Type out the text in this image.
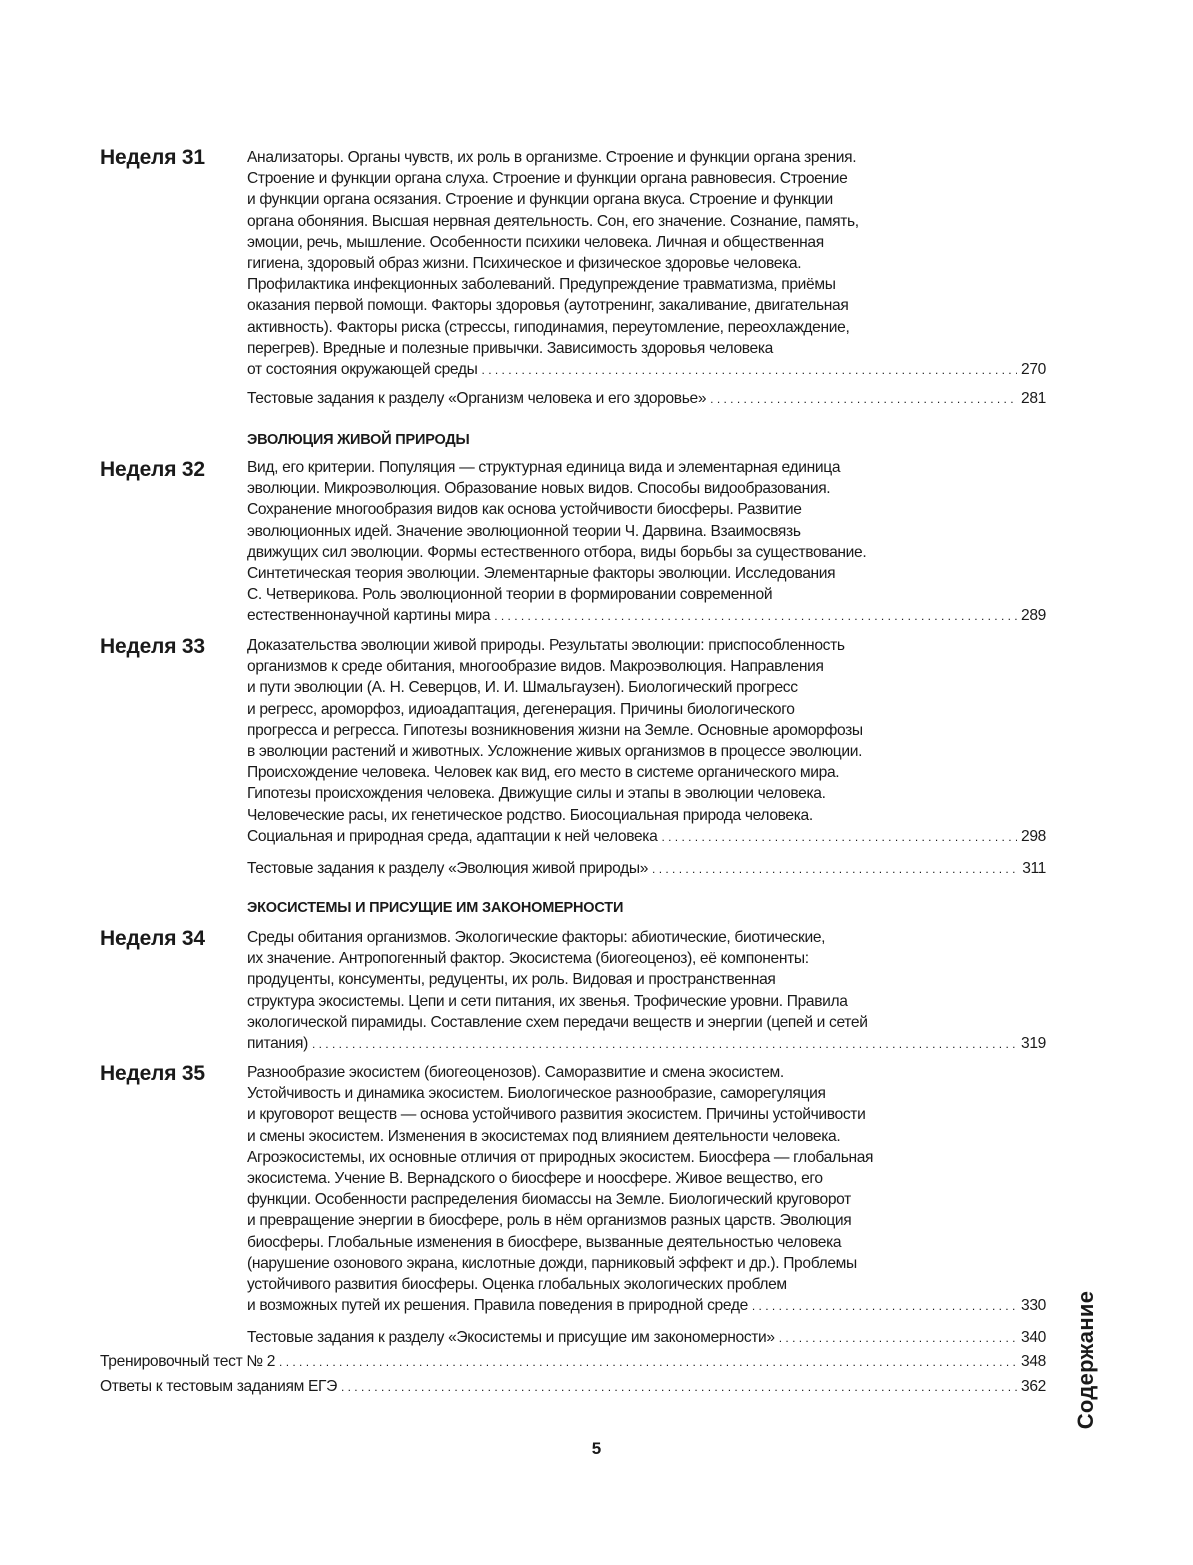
Неделя 31	Анализаторы. Органы чувств, их роль в организме. Строение и функции органа зрения.
Строение и функции органа слуха. Строение и функции органа равновесия. Строение
и функции органа осязания. Строение и функции органа вкуса. Строение и функции
органа обоняния. Высшая нервная деятельность. Сон, его значение. Сознание, память,
эмоции, речь, мышление. Особенности психики человека. Личная и общественная
гигиена, здоровый образ жизни. Психическое и физическое здоровье человека.
Профилактика инфекционных заболеваний. Предупреждение травматизма, приёмы
оказания первой помощи. Факторы здоровья (аутотренинг, закаливание, двигательная
активность). Факторы риска (стрессы, гиподинамия, переутомление, переохлаждение,
перегрев). Вредные и полезные привычки. Зависимость здоровья человека
от состояния окружающей среды . . .	270
Тестовые задания к разделу «Организм человека и его здоровье» . . .	281
ЭВОЛЮЦИЯ ЖИВОЙ ПРИРОДЫ
Неделя 32	Вид, его критерии. Популяция — структурная единица вида и элементарная единица
эволюции. Микроэволюция. Образование новых видов. Способы видообразования.
Сохранение многообразия видов как основа устойчивости биосферы. Развитие
эволюционных идей. Значение эволюционной теории Ч. Дарвина. Взаимосвязь
движущих сил эволюции. Формы естественного отбора, виды борьбы за существование.
Синтетическая теория эволюции. Элементарные факторы эволюции. Исследования
С. Четверикова. Роль эволюционной теории в формировании современной
естественнонаучной картины мира . . .	289
Неделя 33	Доказательства эволюции живой природы. Результаты эволюции: приспособленность
организмов к среде обитания, многообразие видов. Макроэволюция. Направления
и пути эволюции (А. Н. Северцов, И. И. Шмальгаузен). Биологический прогресс
и регресс, ароморфоз, идиоадаптация, дегенерация. Причины биологического
прогресса и регресса. Гипотезы возникновения жизни на Земле. Основные ароморфозы
в эволюции растений и животных. Усложнение живых организмов в процессе эволюции.
Происхождение человека. Человек как вид, его место в системе органического мира.
Гипотезы происхождения человека. Движущие силы и этапы в эволюции человека.
Человеческие расы, их генетическое родство. Биосоциальная природа человека.
Социальная и природная среда, адаптации к ней человека . . .	298
Тестовые задания к разделу «Эволюция живой природы» . . .	311
ЭКОСИСТЕМЫ И ПРИСУЩИЕ ИМ ЗАКОНОМЕРНОСТИ
Неделя 34	Среды обитания организмов. Экологические факторы: абиотические, биотические,
их значение. Антропогенный фактор. Экосистема (биогеоценоз), её компоненты:
продуценты, консументы, редуценты, их роль. Видовая и пространственная
структура экосистемы. Цепи и сети питания, их звенья. Трофические уровни. Правила
экологической пирамиды. Составление схем передачи веществ и энергии (цепей и сетей
питания) . . .	319
Неделя 35	Разнообразие экосистем (биогеоценозов). Саморазвитие и смена экосистем.
Устойчивость и динамика экосистем. Биологическое разнообразие, саморегуляция
и круговорот веществ — основа устойчивого развития экосистем. Причины устойчивости
и смены экосистем. Изменения в экосистемах под влиянием деятельности человека.
Агроэкосистемы, их основные отличия от природных экосистем. Биосфера — глобальная
экосистема. Учение В. Вернадского о биосфере и ноосфере. Живое вещество, его
функции. Особенности распределения биомассы на Земле. Биологический круговорот
и превращение энергии в биосфере, роль в нём организмов разных царств. Эволюция
биосферы. Глобальные изменения в биосфере, вызванные деятельностью человека
(нарушение озонового экрана, кислотные дожди, парниковый эффект и др.). Проблемы
устойчивого развития биосферы. Оценка глобальных экологических проблем
и возможных путей их решения. Правила поведения в природной среде . . .	330
Тестовые задания к разделу «Экосистемы и присущие им закономерности» . . .	340
Тренировочный тест № 2 . . .	348
Ответы к тестовым заданиям ЕГЭ . . .	362 Содержание
5
